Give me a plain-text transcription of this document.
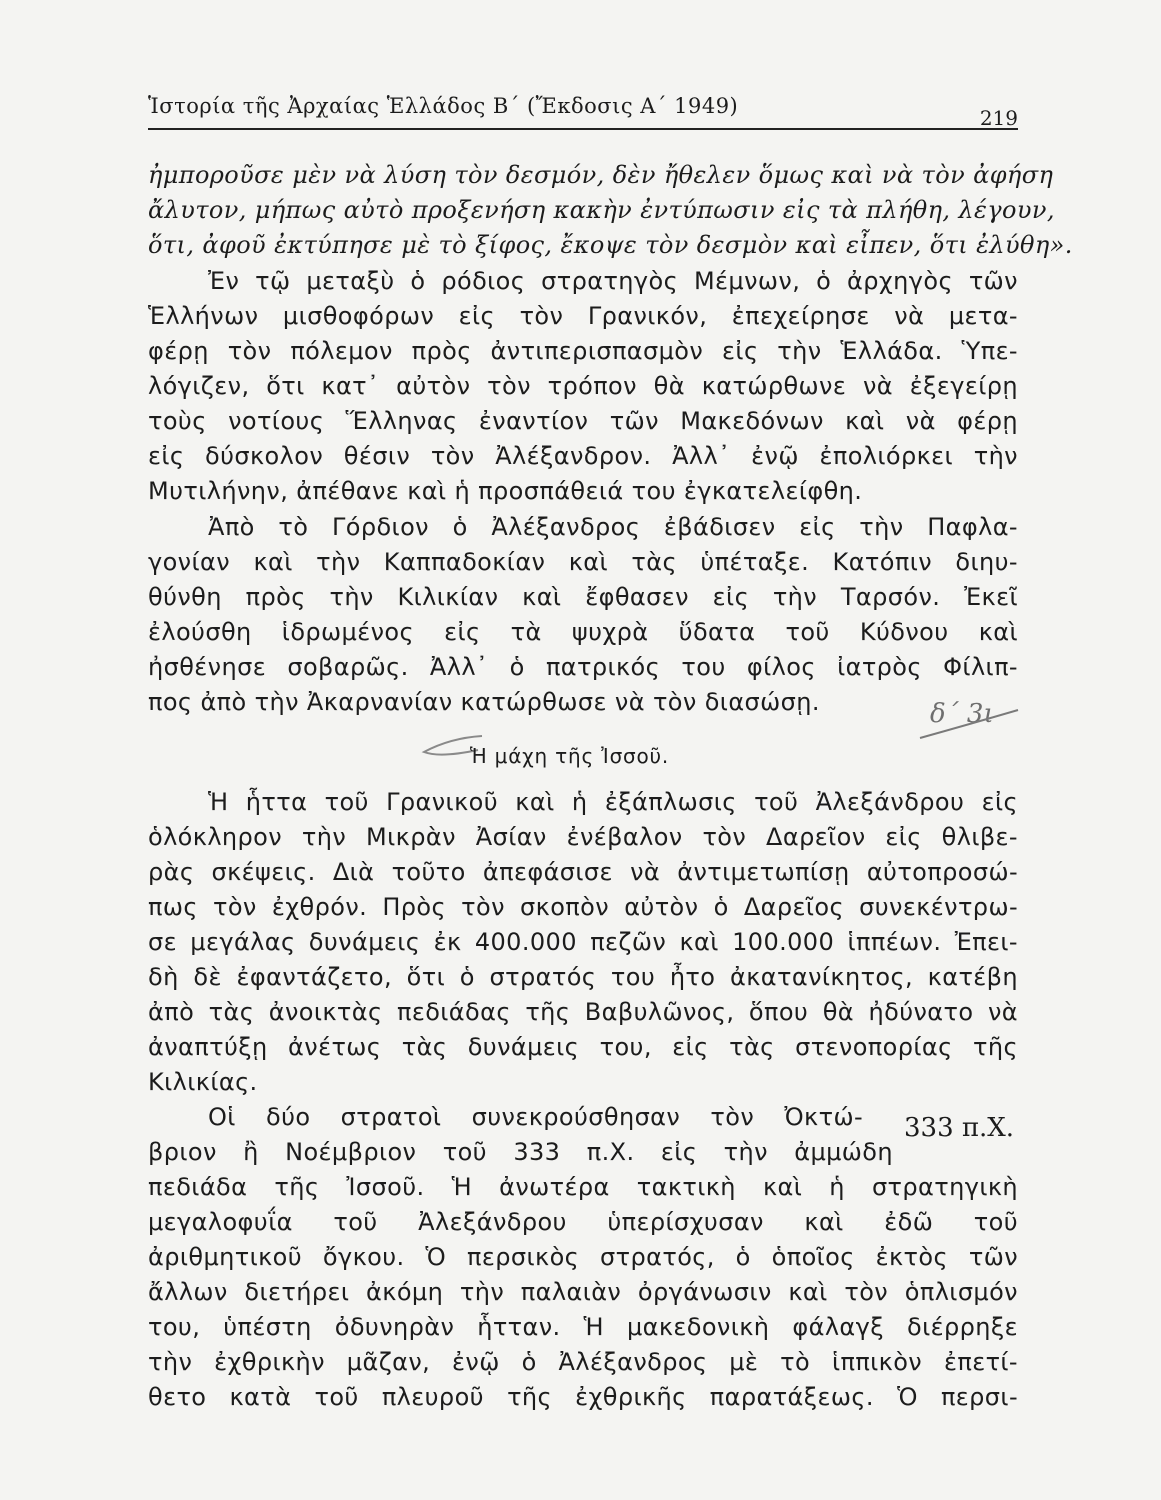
Ἱστορία τῆς Ἀρχαίας Ἑλλάδος Β΄ (Ἔκδοσις Α΄ 1949)	219
ἠμποροῦσε μὲν νὰ λύση τὸν δεσμόν, δὲν ἤθελεν ὅμως καὶ νὰ τὸν ἀφήση
ἄλυτον, μήπως αὐτὸ προξενήση κακὴν ἐντύπωσιν εἰς τὰ πλήθη, λέγουν,
ὅτι, ἀφοῦ ἐκτύπησε μὲ τὸ ξίφος, ἔκοψε τὸν δεσμὸν καὶ εἶπεν, ὅτι ἐλύθη».
Ἐν τῷ μεταξὺ ὁ ρόδιος στρατηγὸς Μέμνων, ὁ ἀρχηγὸς τῶν
Ἑλλήνων μισθοφόρων εἰς τὸν Γρανικόν, ἐπεχείρησε νὰ μετα-
φέρῃ τὸν πόλεμον πρὸς ἀντιπερισπασμὸν εἰς τὴν Ἑλλάδα. Ὑπε-
λόγιζεν, ὅτι κατ᾽ αὐτὸν τὸν τρόπον θὰ κατώρθωνε νὰ ἐξεγείρῃ
τοὺς νοτίους Ἕλληνας ἐναντίον τῶν Μακεδόνων καὶ νὰ φέρῃ
εἰς δύσκολον θέσιν τὸν Ἀλέξανδρον. Ἀλλ᾽ ἐνῷ ἐπολιόρκει τὴν
Μυτιλήνην, ἀπέθανε καὶ ἡ προσπάθειά του ἐγκατελείφθη.
Ἀπὸ τὸ Γόρδιον ὁ Ἀλέξανδρος ἐβάδισεν εἰς τὴν Παφλα-
γονίαν καὶ τὴν Καππαδοκίαν καὶ τὰς ὑπέταξε. Κατόπιν διηυ-
θύνθη πρὸς τὴν Κιλικίαν καὶ ἔφθασεν εἰς τὴν Ταρσόν. Ἐκεῖ
ἐλούσθη ἱδρωμένος εἰς τὰ ψυχρὰ ὕδατα τοῦ Κύδνου καὶ
ἠσθένησε σοβαρῶς. Ἀλλ᾽ ὁ πατρικός του φίλος ἰατρὸς Φίλιπ-
πος ἀπὸ τὴν Ἀκαρνανίαν κατώρθωσε νὰ τὸν διασώσῃ.	δ΄ 3ι
Ἡ μάχη τῆς Ἰσσοῦ.
Ἡ ἧττα τοῦ Γρανικοῦ καὶ ἡ ἐξάπλωσις τοῦ Ἀλεξάνδρου εἰς
ὁλόκληρον τὴν Μικρὰν Ἀσίαν ἐνέβαλον τὸν Δαρεῖον εἰς θλιβε-
ρὰς σκέψεις. Διὰ τοῦτο ἀπεφάσισε νὰ ἀντιμετωπίσῃ αὐτοπροσώ-
πως τὸν ἐχθρόν. Πρὸς τὸν σκοπὸν αὐτὸν ὁ Δαρεῖος συνεκέντρω-
σε μεγάλας δυνάμεις ἐκ 400.000 πεζῶν καὶ 100.000 ἱππέων. Ἐπει-
δὴ δὲ ἐφαντάζετο, ὅτι ὁ στρατός του ἦτο ἀκατανίκητος, κατέβη
ἀπὸ τὰς ἀνοικτὰς πεδιάδας τῆς Βαβυλῶνος, ὅπου θὰ ἠδύνατο νὰ
ἀναπτύξῃ ἀνέτως τὰς δυνάμεις του, εἰς τὰς στενοπορίας τῆς
Κιλικίας.
333 π.Χ.
Οἱ δύο στρατοὶ συνεκρούσθησαν τὸν Ὀκτώ-
βριον ἢ Νοέμβριον τοῦ 333 π.Χ. εἰς τὴν ἀμμώδη
πεδιάδα τῆς Ἰσσοῦ. Ἡ ἀνωτέρα τακτικὴ καὶ ἡ στρατηγικὴ
μεγαλοφυΐα τοῦ Ἀλεξάνδρου ὑπερίσχυσαν καὶ ἐδῶ τοῦ
ἀριθμητικοῦ ὄγκου. Ὁ περσικὸς στρατός, ὁ ὁποῖος ἐκτὸς τῶν
ἄλλων διετήρει ἀκόμη τὴν παλαιὰν ὀργάνωσιν καὶ τὸν ὁπλισμόν
του, ὑπέστη ὀδυνηρὰν ἧτταν. Ἡ μακεδονικὴ φάλαγξ διέρρηξε
τὴν ἐχθρικὴν μᾶζαν, ἐνῷ ὁ Ἀλέξανδρος μὲ τὸ ἱππικὸν ἐπετί-
θετο κατὰ τοῦ πλευροῦ τῆς ἐχθρικῆς παρατάξεως. Ὁ περσι-
